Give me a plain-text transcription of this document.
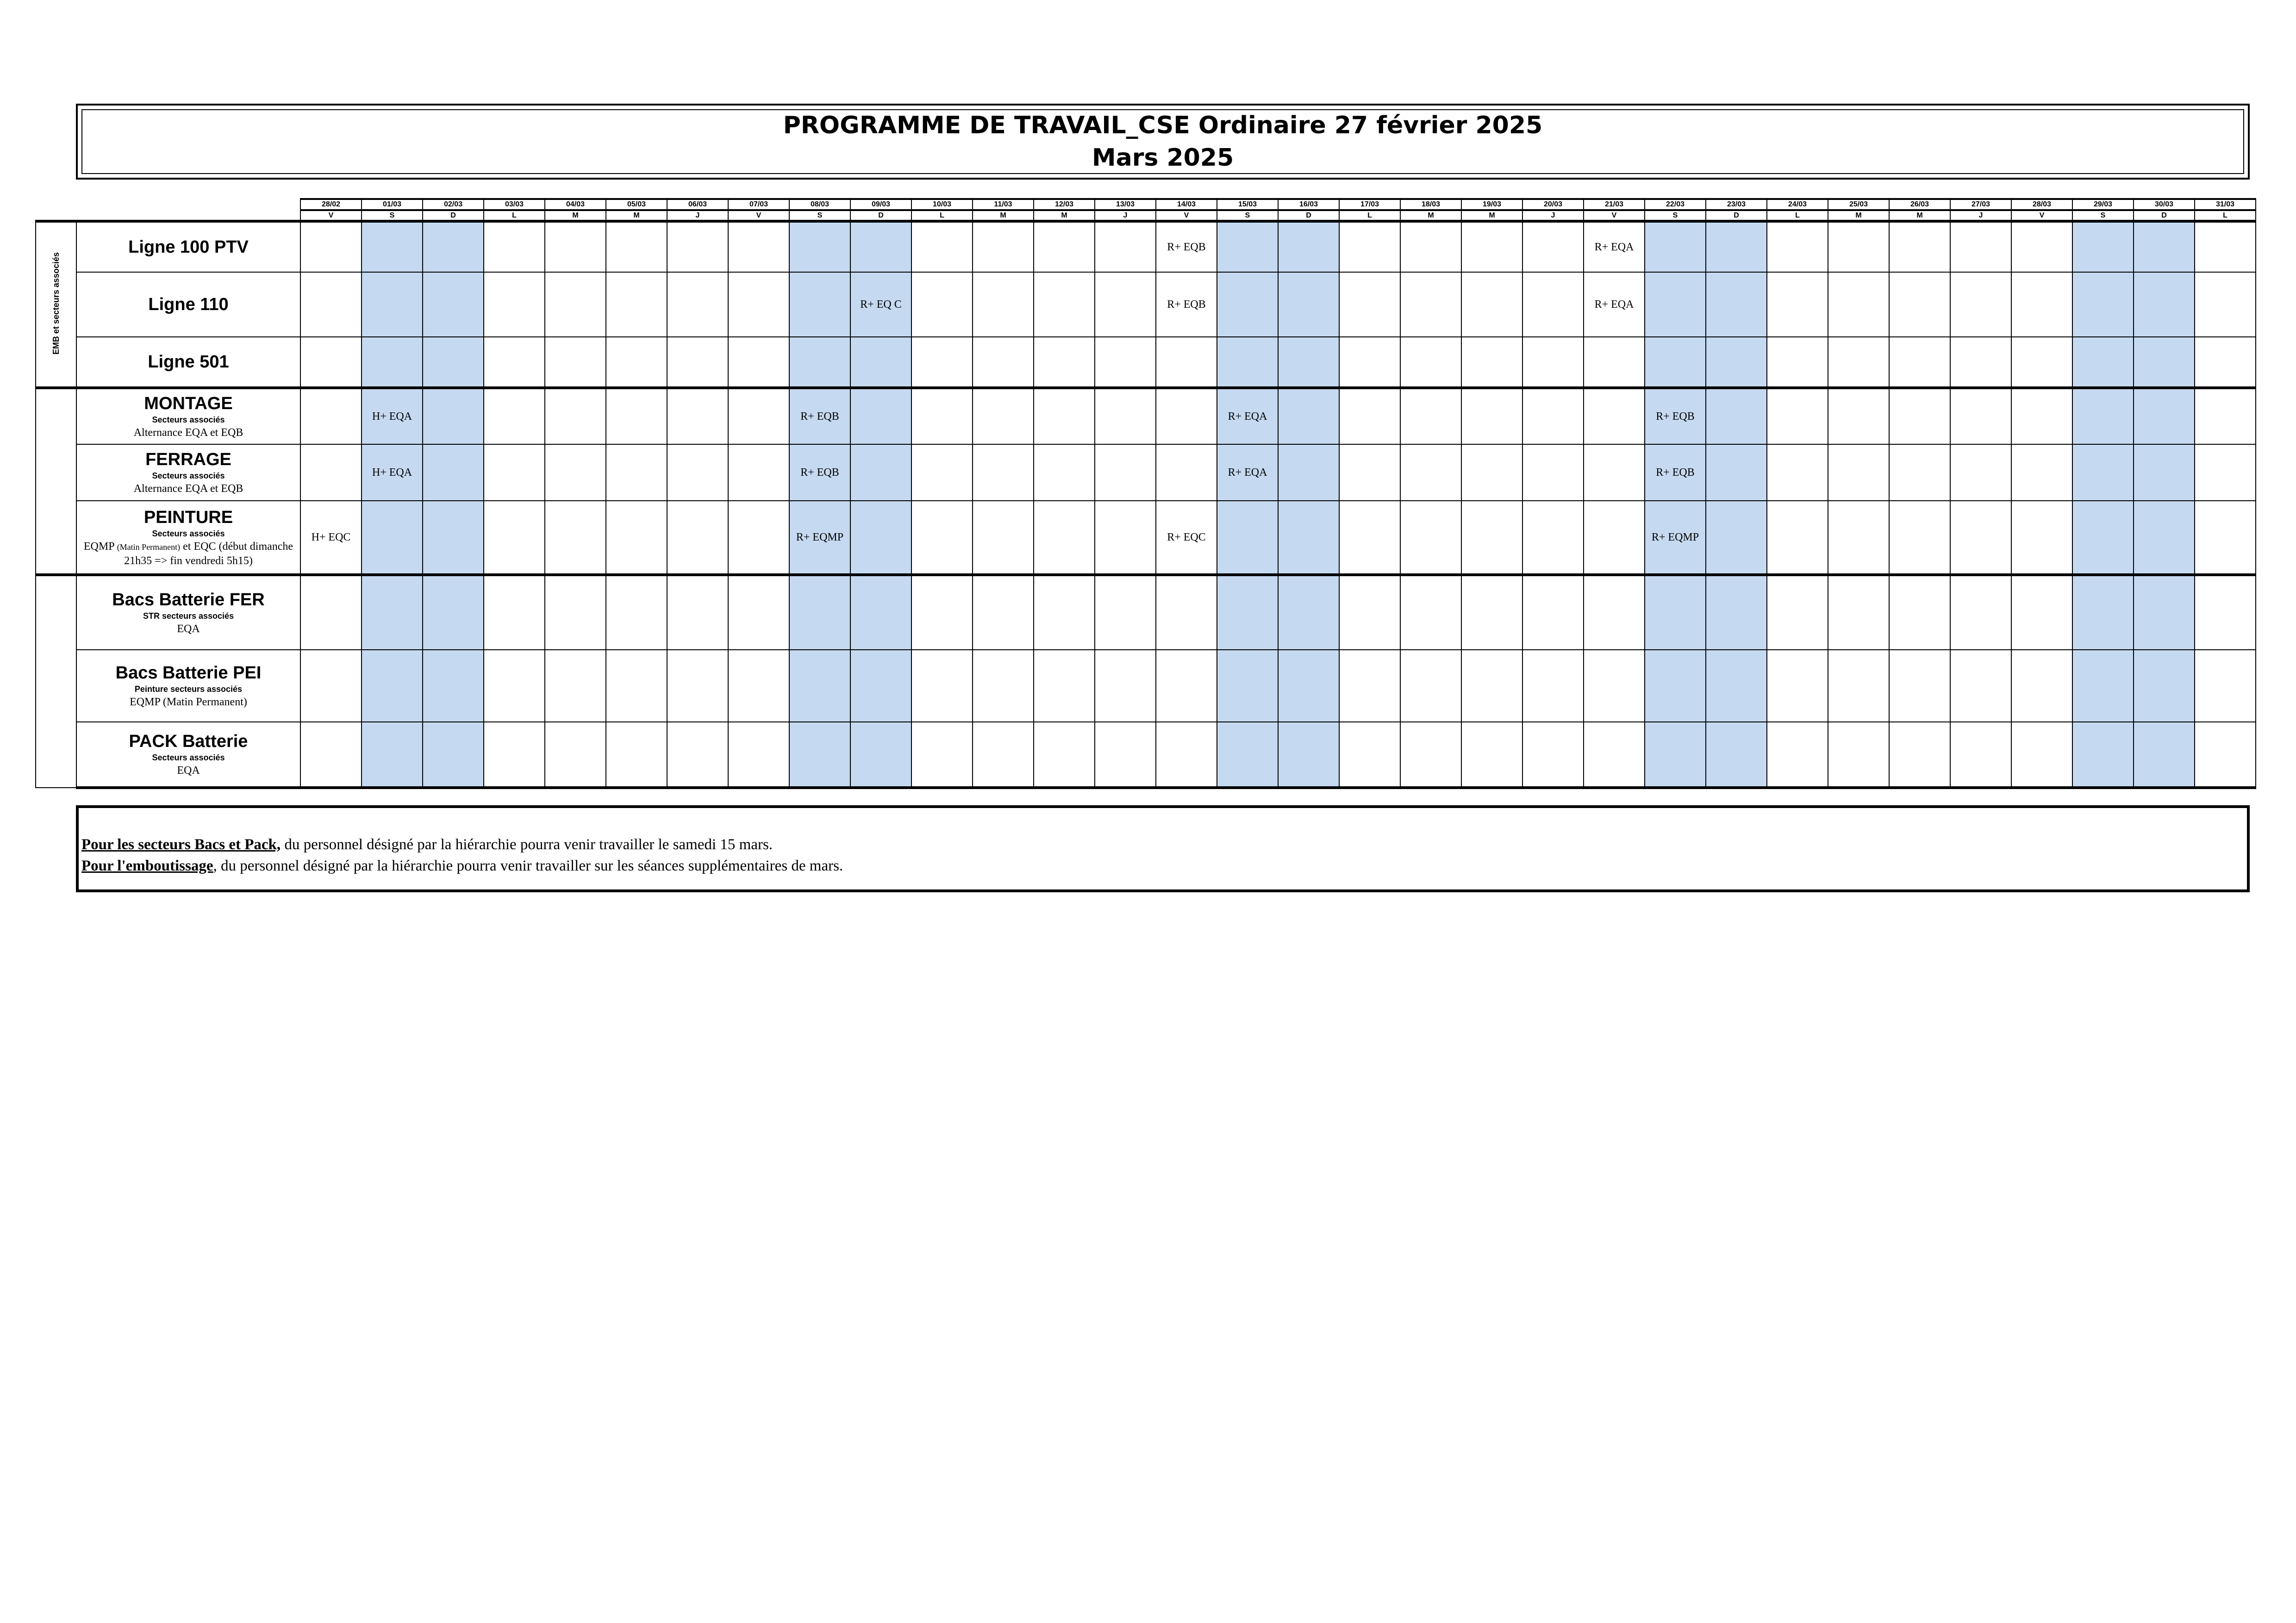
PROGRAMME DE TRAVAIL_CSE Ordinaire 27 février 2025
Mars 2025
		28/02	01/03	02/03	03/03	04/03	05/03	06/03	07/03	08/03	09/03	10/03	11/03	12/03	13/03	14/03	15/03	16/03	17/03	18/03	19/03	20/03	21/03	22/03	23/03	24/03	25/03	26/03	27/03	28/03	29/03	30/03	31/03
		V	S	D	L	M	M	J	V	S	D	L	M	M	J	V	S	D	L	M	M	J	V	S	D	L	M	M	J	V	S	D	L
EMB et secteurs associés	Ligne 100 PTV															R+ EQB							R+ EQA										

	Ligne 110										R+ EQ C					R+ EQB							R+ EQA										

	Ligne 501																																

	MONTAGE
Secteurs associés
Alternance EQA et EQB		H+ EQA							R+ EQB							R+ EQA							R+ EQB									

	FERRAGE
Secteurs associés
Alternance EQA et EQB		H+ EQA							R+ EQB							R+ EQA							R+ EQB									

	PEINTURE
Secteurs associés
EQMP (Matin Permanent) et EQC (début dimanche 21h35 => fin vendredi 5h15)	H+ EQC								R+ EQMP						R+ EQC								R+ EQMP									

	Bacs Batterie FER
STR secteurs associés
EQA																																

	Bacs Batterie PEI
Peinture secteurs associés
EQMP (Matin Permanent)																																

	PACK Batterie
Secteurs associés
EQA																																

Pour les secteurs Bacs et Pack, du personnel désigné par la hiérarchie pourra venir travailler le samedi 15 mars.
Pour l'emboutissage, du personnel désigné par la hiérarchie pourra venir travailler sur les séances supplémentaires de mars.
